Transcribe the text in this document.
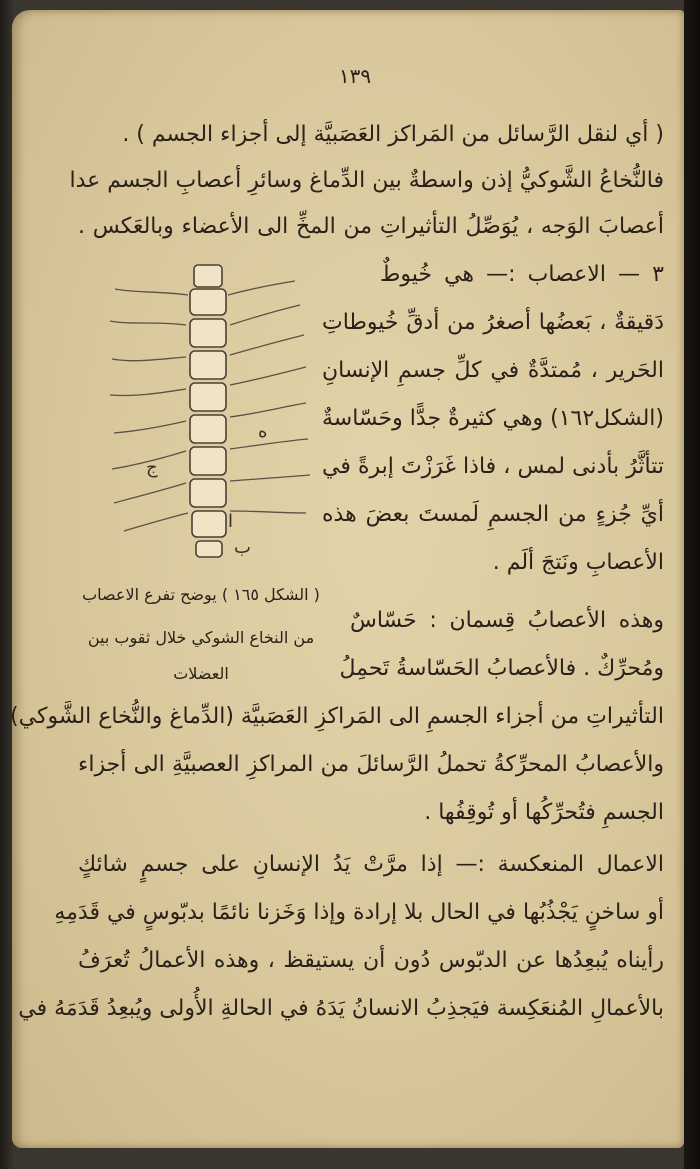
١٣٩
( أي لنقل الرَّسائل من المَراكز العَصَبيَّة إلى أجزاء الجسم ) .
فالنُّخاعُ الشَّوكيُّ إذن واسطةٌ بين الدِّماغ وسائرِ أعصابِ الجسم عدا
أعصابَ الوَجه ، يُوَصِّلُ التأثيراتِ من المخِّ الى الأعضاء وبالعَكس .
٣ — الاعصاب :— هي خُيوطٌ
دَقيقةٌ ، بَعضُها أصغرُ من أدقِّ خُيوطاتِ
الحَرير ، مُمتدَّةٌ في كلِّ جسمِ الإنسانِ
(الشكل١٦٢) وهي كثيرةٌ جدًّا وحَسّاسةٌ
تتأثَّرُ بأدنى لمس ، فاذا غَرَزْتَ إبرةً في
أيِّ جُزءٍ من الجسمِ لَمستَ بعضَ هذه
الأعصابِ ونَتجَ ألَم .
وهذه الأعصابُ قِسمان : حَسّاسٌ
ومُحرِّكٌ . فالأعصابُ الحَسّاسةُ تَحمِلُ
التأثيراتِ من أجزاء الجسمِ الى المَراكزِ العَصَبيَّة (الدِّماغ والنُّخاع الشَّوكي).
والأعصابُ المحرِّكةُ تحملُ الرَّسائلَ من المراكزِ العصبيَّةِ الى أجزاء
الجسمِ فتُحرِّكُها أو تُوقِفُها .
الاعمال المنعكسة :— إذا مرَّتْ يَدُ الإنسانِ على جسمٍ شائكٍ
أو ساخنٍ يَجْذُبُها في الحال بلا إرادة وإذا وَخَزنا نائمًا بدبّوسٍ في قَدَمِهِ
رأيناه يُبعِدُها عن الدبّوس دُون أن يستيقظ ، وهذه الأعمالُ تُعرَفُ
بالأعمالِ المُنعَكِسة فيَجذِبُ الانسانُ يَدَهُ في الحالةِ الأُولى ويُبعِدُ قَدَمَهُ في
ه
ج
ا
ب
( الشكل ١٦٥ ) يوضح تفرع الاعصاب
من النخاع الشوكي خلال ثقوب بين
العضلات
